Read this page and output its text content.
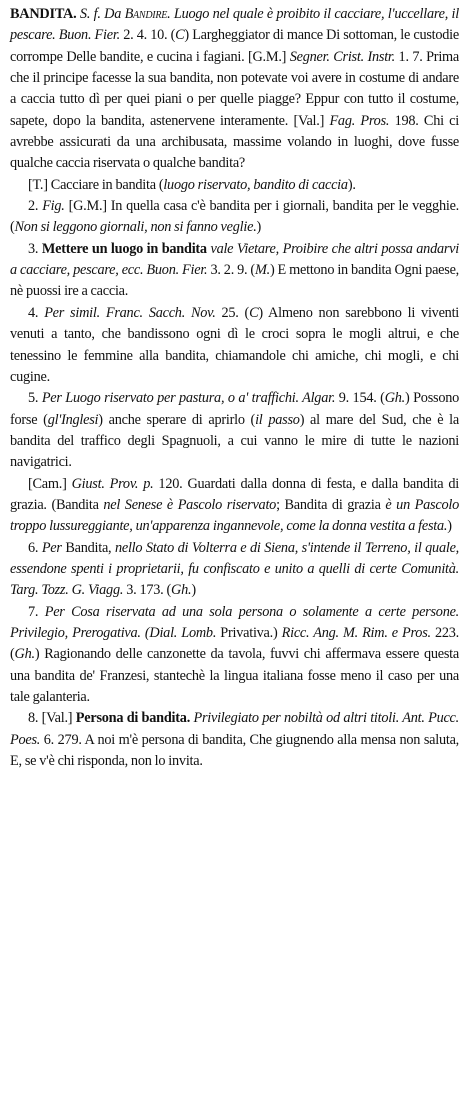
BANDITA. S. f. Da Bandire. Luogo nel quale è proibito il cacciare, l'uccellare, il pescare. Buon. Fier. 2. 4. 10. (C) Largheggiator di mance Di sottoman, le custodie corrompe Delle bandite, e cucina i fagiani. [G.M.] Segner. Crist. Instr. 1. 7. Prima che il principe facesse la sua bandita, non potevate voi avere in costume di andare a caccia tutto dì per quei piani o per quelle piagge? Eppur con tutto il costume, sapete, dopo la bandita, astenervene interamente. [Val.] Fag. Pros. 198. Chi ci avrebbe assicurati da una archibusata, massime volando in luoghi, dove fusse qualche caccia riservata o qualche bandita?

[T.] Cacciare in bandita (luogo riservato, bandito di caccia).

2. Fig. [G.M.] In quella casa c'è bandita per i giornali, bandita per le vegghie. (Non si leggono giornali, non si fanno veglie.)

3. Mettere un luogo in bandita vale Vietare, Proibire che altri possa andarvi a cacciare, pescare, ecc. Buon. Fier. 3. 2. 9. (M.) E mettono in bandita Ogni paese, nè puossi ire a caccia.

4. Per simil. Franc. Sacch. Nov. 25. (C) Almeno non sarebbono li viventi venuti a tanto, che bandissono ogni dì le croci sopra le mogli altrui, e che tenessino le femmine alla bandita, chiamandole chi amiche, chi mogli, e chi cugine.

5. Per Luogo riservato per pastura, o a' traffichi. Algar. 9. 154. (Gh.) Possono forse (gl'Inglesi) anche sperare di aprirlo (il passo) al mare del Sud, che è la bandita del traffico degli Spagnuoli, a cui vanno le mire di tutte le nazioni navigatrici.

[Cam.] Giust. Prov. p. 120. Guardati dalla donna di festa, e dalla bandita di grazia. (Bandita nel Senese è Pascolo riservato; Bandita di grazia è un Pascolo troppo lussureggiante, un'apparenza ingannevole, come la donna vestita a festa.)

6. Per Bandita, nello Stato di Volterra e di Siena, s'intende il Terreno, il quale, essendone spenti i proprietarii, fu confiscato e unito a quelli di certe Comunità. Targ. Tozz. G. Viagg. 3. 173. (Gh.)

7. Per Cosa riservata ad una sola persona o solamente a certe persone. Privilegio, Prerogativa. (Dial. Lomb. Privativa.) Ricc. Ang. M. Rim. e Pros. 223. (Gh.) Ragionando delle canzonette da tavola, fuvvi chi affermava essere questa una bandita de' Franzesi, stantechè la lingua italiana fosse meno il caso per una tale galanteria.

8. [Val.] Persona di bandita. Privilegiato per nobiltà od altri titoli. Ant. Pucc. Poes. 6. 279. A noi m'è persona di bandita, Che giugnendo alla mensa non saluta, E, se v'è chi risponda, non lo invita.
